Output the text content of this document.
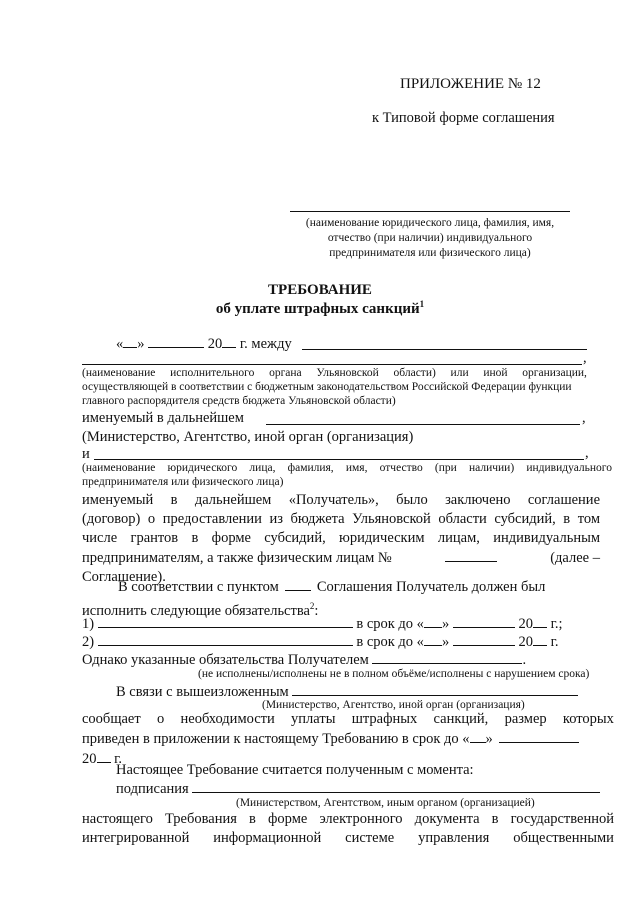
ПРИЛОЖЕНИЕ № 12
к Типовой форме соглашения
(наименование юридического лица, фамилия, имя,
отчество (при наличии) индивидуального
предпринимателя или физического лица)
ТРЕБОВАНИЕ
об уплате штрафных санкций$^1$
« »	20 г. между
,
(наименование исполнительного органа Ульяновской области) или иной организации,
осуществляющей в соответствии с бюджетным законодательством Российской Федерации функции
главного распорядителя средств бюджета Ульяновской области)
именуемый в дальнейшем	,
(Министерство, Агентство, иной орган (организация)
и	,
(наименование юридического лица, фамилия, имя, отчество (при наличии) индивидуального
предпринимателя или физического лица)
именуемый в дальнейшем «Получатель», было заключено соглашение
(договор) о предоставлении из бюджета Ульяновской области субсидий, в том
числе грантов в форме субсидий, юридическим лицам, индивидуальным
предпринимателям, а также физическим лицам №	(далее –
Соглашение).
В соответствии с пунктом	Соглашения Получатель должен был
исполнить следующие обязательства$^2$:
1)	в срок до « »	20 г.;
2)	в срок до « »	20 г.
Однако указанные обязательства Получателем	.
(не исполнены/исполнены не в полном объёме/исполнены с нарушением срока)
В связи с вышеизложенным
(Министерство, Агентство, иной орган (организация)
сообщает о необходимости уплаты штрафных санкций, размер которых
приведен в приложении к настоящему Требованию в срок до « »
20 г.
Настоящее Требование считается полученным с момента:
подписания
(Министерством, Агентством, иным органом (организацией)
настоящего Требования в форме электронного документа в государственной
интегрированной информационной системе управления общественными
